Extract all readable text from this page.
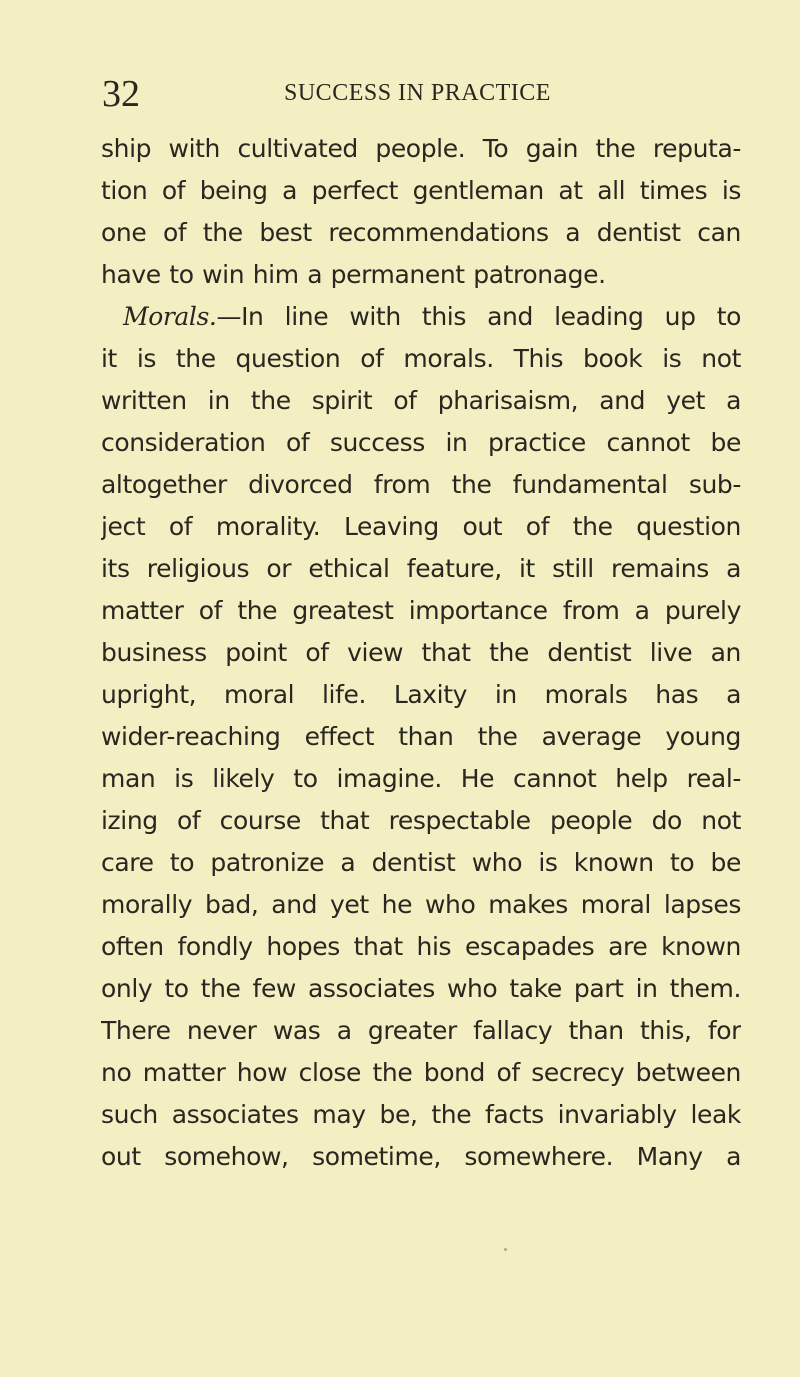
32	SUCCESS IN PRACTICE
ship with cultivated people. To gain the reputa-
tion of being a perfect gentleman at all times is
one of the best recommendations a dentist can
have to win him a permanent patronage.
Morals.—In line with this and leading up to
it is the question of morals. This book is not
written in the spirit of pharisaism, and yet a
consideration of success in practice cannot be
altogether divorced from the fundamental sub-
ject of morality. Leaving out of the question
its religious or ethical feature, it still remains a
matter of the greatest importance from a purely
business point of view that the dentist live an
upright, moral life. Laxity in morals has a
wider-reaching effect than the average young
man is likely to imagine. He cannot help real-
izing of course that respectable people do not
care to patronize a dentist who is known to be
morally bad, and yet he who makes moral lapses
often fondly hopes that his escapades are known
only to the few associates who take part in them.
There never was a greater fallacy than this, for
no matter how close the bond of secrecy between
such associates may be, the facts invariably leak
out somehow, sometime, somewhere. Many a
